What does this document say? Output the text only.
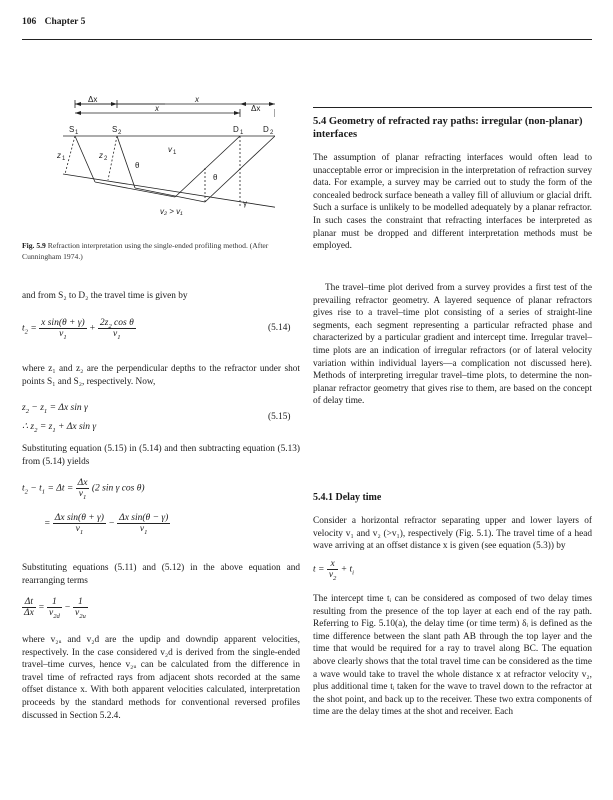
106 Chapter 5
Δx	x
x	Δx
S 1	S 2	D 1 D 2
z 1	z 2
v 1
θ
θ
v₂ > v₁
γ
Fig. 5.9 Refraction interpretation using the single-ended profiling method. (After Cunningham 1974.)

and from S₂ to D₂ the travel time is given by

$t_2 = \frac{\text{x sin(θ + γ)}}{v_1} + \frac{2z_2 \cos \theta}{v_1}$	(5.14)

where z₁ and z₂ are the perpendicular depths to the refractor under shot points S₁ and S₂, respectively. Now,

$z_2 - z_1 = \Delta x$ sin γ
∴ $z_2 = z_1 + \Delta x$ sin γ
(5.15)

Substituting equation (5.15) in (5.14) and then subtracting equation (5.13) from (5.14) yields

$t_2 - t_1 = \Delta t = \frac{\Delta x}{v_1} (2$ sin γ cos θ)
= $\frac{\text{Δx sin(θ + γ)}}{v_1} - \frac{\text{Δx sin(θ − γ)}}{v_1}$

Substituting equations (5.11) and (5.12) in the above equation and rearranging terms

$\frac{\Delta t}{\Delta x} = \frac{1}{v_{2d}} - \frac{1}{v_{2u}}$

where v₂ᵤ and v₂d are the updip and downdip apparent velocities, respectively. In the case considered v₂d is derived from the single-ended travel–time curves, hence v₂ᵤ can be calculated from the difference in travel time of refracted rays from adjacent shots recorded at the same offset distance x. With both apparent velocities calculated, interpretation proceeds by the standard methods for conventional reversed profiles discussed in Section 5.2.4.

5.4 Geometry of refracted ray paths: irregular (non-planar) interfaces

The assumption of planar refracting interfaces would often lead to unacceptable error or imprecision in the interpretation of refraction survey data. For example, a survey may be carried out to study the form of the concealed bedrock surface beneath a valley fill of alluvium or glacial drift. Such a surface is unlikely to be modelled adequately by a planar refractor. In such cases the constraint that refracting interfaces be interpreted as planar must be dropped and different interpretation methods must be employed.

The travel–time plot derived from a survey provides a first test of the prevailing refractor geometry. A layered sequence of planar refractors gives rise to a travel–time plot consisting of a series of straight-line segments, each segment representing a particular refracted phase and characterized by a particular gradient and intercept time. Irregular travel–time plots are an indication of irregular refractors (or of lateral velocity variation within individual layers—a complication not discussed here). Methods of interpreting irregular travel–time plots, to determine the non-planar refractor geometry that gives rise to them, are based on the concept of delay time.

5.4.1 Delay time

Consider a horizontal refractor separating upper and lower layers of velocity v₁ and v₂ (>v₁), respectively (Fig. 5.1). The travel time of a head wave arriving at an offset distance x is given (see equation (5.3)) by

$t = \frac{x}{v_2} + t_i$

The intercept time tᵢ can be considered as composed of two delay times resulting from the presence of the top layer at each end of the ray path. Referring to Fig. 5.10(a), the delay time (or time term) δᵢ is defined as the time difference between the slant path AB through the top layer and the time that would be required for a ray to travel along BC. The equation above clearly shows that the total travel time can be considered as the time a wave would take to travel the whole distance x at refractor velocity v₂, plus additional time tᵢ taken for the wave to travel down to the refractor at the shot point, and back up to the receiver. These two extra components of time are the delay times at the shot and receiver. Each
